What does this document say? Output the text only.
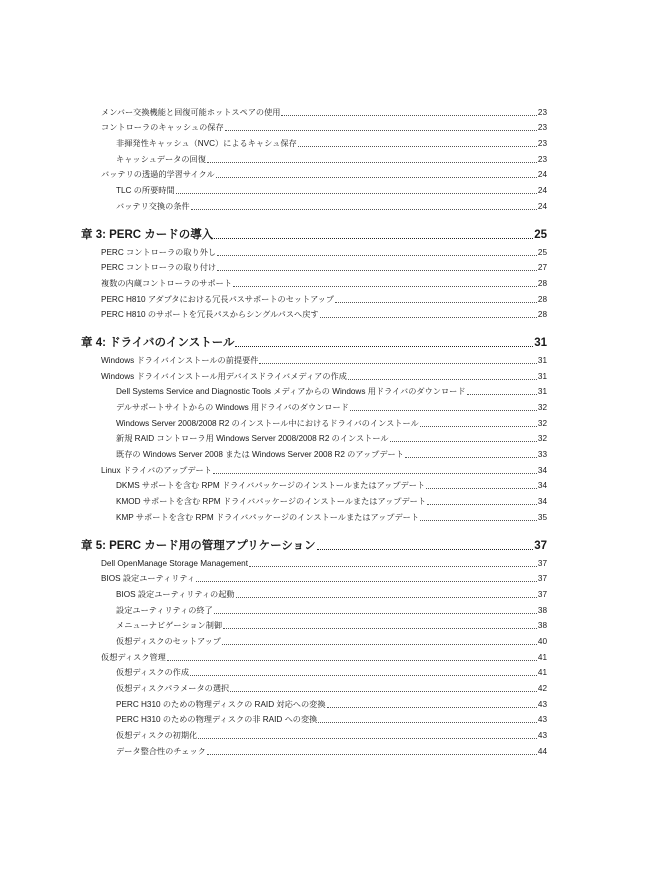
メンバー交換機能と回復可能ホットスペアの使用	23
コントローラのキャッシュの保存	23
非揮発性キャッシュ（NVC）によるキャシュ保存	23
キャッシュデータの回復	23
バッテリの透過的学習サイクル	24
TLC の所要時間	24
バッテリ交換の条件	24
章 3: PERC カードの導入	25
PERC コントローラの取り外し	25
PERC コントローラの取り付け	27
複数の内蔵コントローラのサポート	28
PERC H810 アダプタにおける冗長パスサポートのセットアップ	28
PERC H810 のサポートを冗長パスからシングルパスへ戻す	28
章 4: ドライバのインストール	31
Windows ドライバインストールの前提要件	31
Windows ドライバインストール用デバイスドライバメディアの作成	31
Dell Systems Service and Diagnostic Tools メディアからの Windows 用ドライバのダウンロード	31
デルサポートサイトからの Windows 用ドライバのダウンロード	32
Windows Server 2008/2008 R2 のインストール中におけるドライバのインストール	32
新規 RAID コントローラ用 Windows Server 2008/2008 R2 のインストール	32
既存の Windows Server 2008 または Windows Server 2008 R2 のアップデート	33
Linux ドライバのアップデート	34
DKMS サポートを含む RPM ドライバパッケージのインストールまたはアップデート	34
KMOD サポートを含む RPM ドライバパッケージのインストールまたはアップデート	34
KMP サポートを含む RPM ドライバパッケージのインストールまたはアップデート	35
章 5: PERC カード用の管理アプリケーション	37
Dell OpenManage Storage Management	37
BIOS 設定ユーティリティ	37
BIOS 設定ユーティリティの起動	37
設定ユーティリティの終了	38
メニューナビゲーション制御	38
仮想ディスクのセットアップ	40
仮想ディスク管理	41
仮想ディスクの作成	41
仮想ディスクパラメータの選択	42
PERC H310 のための物理ディスクの RAID 対応への変換	43
PERC H310 のための物理ディスクの非 RAID への変換	43
仮想ディスクの初期化	43
データ整合性のチェック	44
